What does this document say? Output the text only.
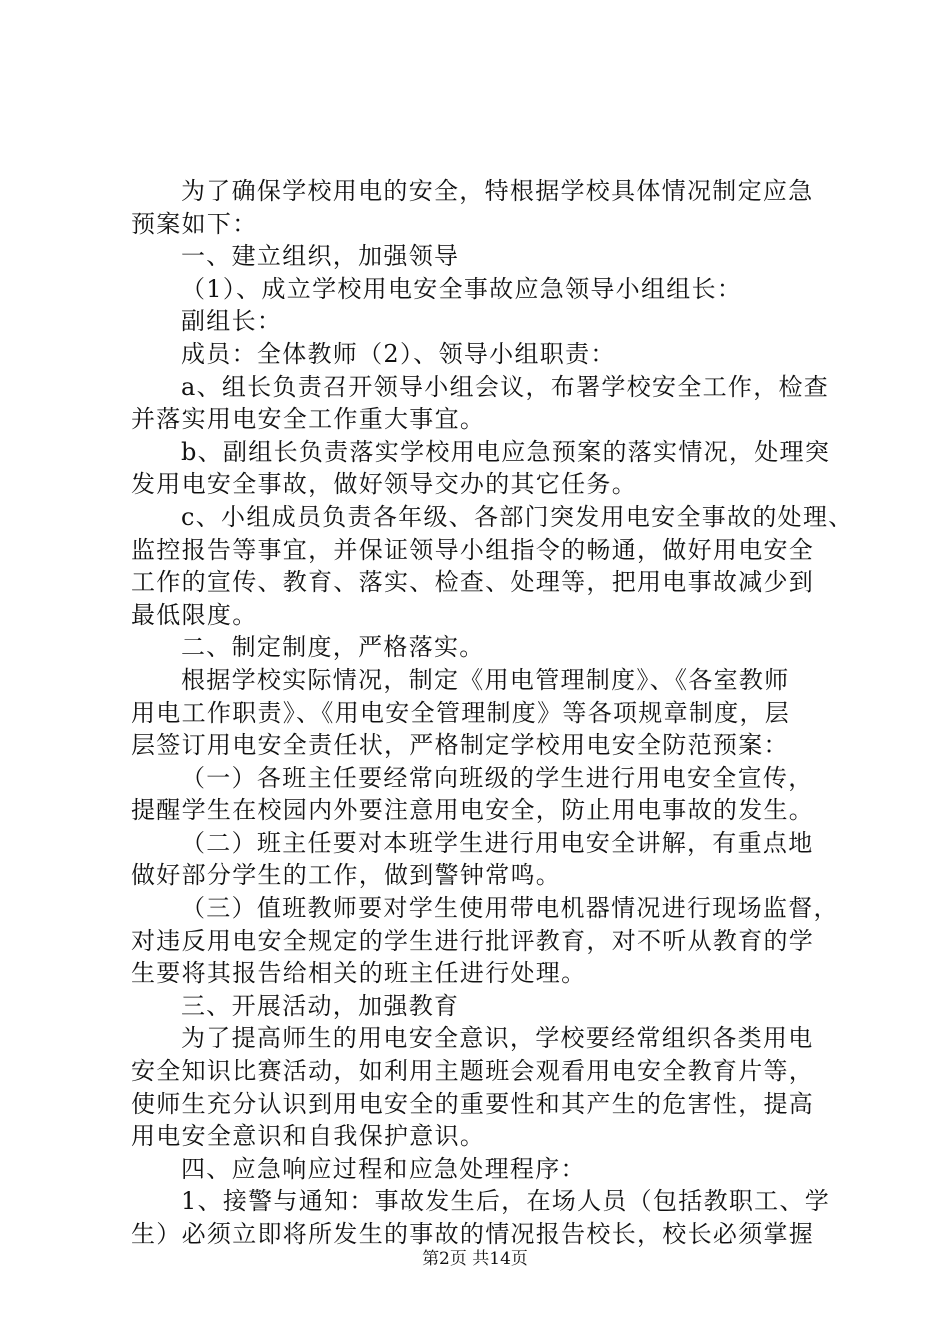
为了确保学校用电的安全，特根据学校具体情况制定应急
预案如下：
一、建立组织，加强领导
（1）、成立学校用电安全事故应急领导小组组长：
副组长：
成员：全体教师（2）、领导小组职责：
a、组长负责召开领导小组会议，布署学校安全工作，检查
并落实用电安全工作重大事宜。
b、副组长负责落实学校用电应急预案的落实情况，处理突
发用电安全事故，做好领导交办的其它任务。
c、小组成员负责各年级、各部门突发用电安全事故的处理、
监控报告等事宜，并保证领导小组指令的畅通，做好用电安全
工作的宣传、教育、落实、检查、处理等，把用电事故减少到
最低限度。
二、制定制度，严格落实。
根据学校实际情况，制定《用电管理制度》、《各室教师
用电工作职责》、《用电安全管理制度》等各项规章制度，层
层签订用电安全责任状，严格制定学校用电安全防范预案：
（一）各班主任要经常向班级的学生进行用电安全宣传，
提醒学生在校园内外要注意用电安全，防止用电事故的发生。
（二）班主任要对本班学生进行用电安全讲解，有重点地
做好部分学生的工作，做到警钟常鸣。
（三）值班教师要对学生使用带电机器情况进行现场监督，
对违反用电安全规定的学生进行批评教育，对不听从教育的学
生要将其报告给相关的班主任进行处理。
三、开展活动，加强教育
为了提高师生的用电安全意识，学校要经常组织各类用电
安全知识比赛活动，如利用主题班会观看用电安全教育片等，
使师生充分认识到用电安全的重要性和其产生的危害性，提高
用电安全意识和自我保护意识。
四、应急响应过程和应急处理程序：
1、接警与通知：事故发生后，在场人员（包括教职工、学
生）必须立即将所发生的事故的情况报告校长，校长必须掌握
第2页 共14页
